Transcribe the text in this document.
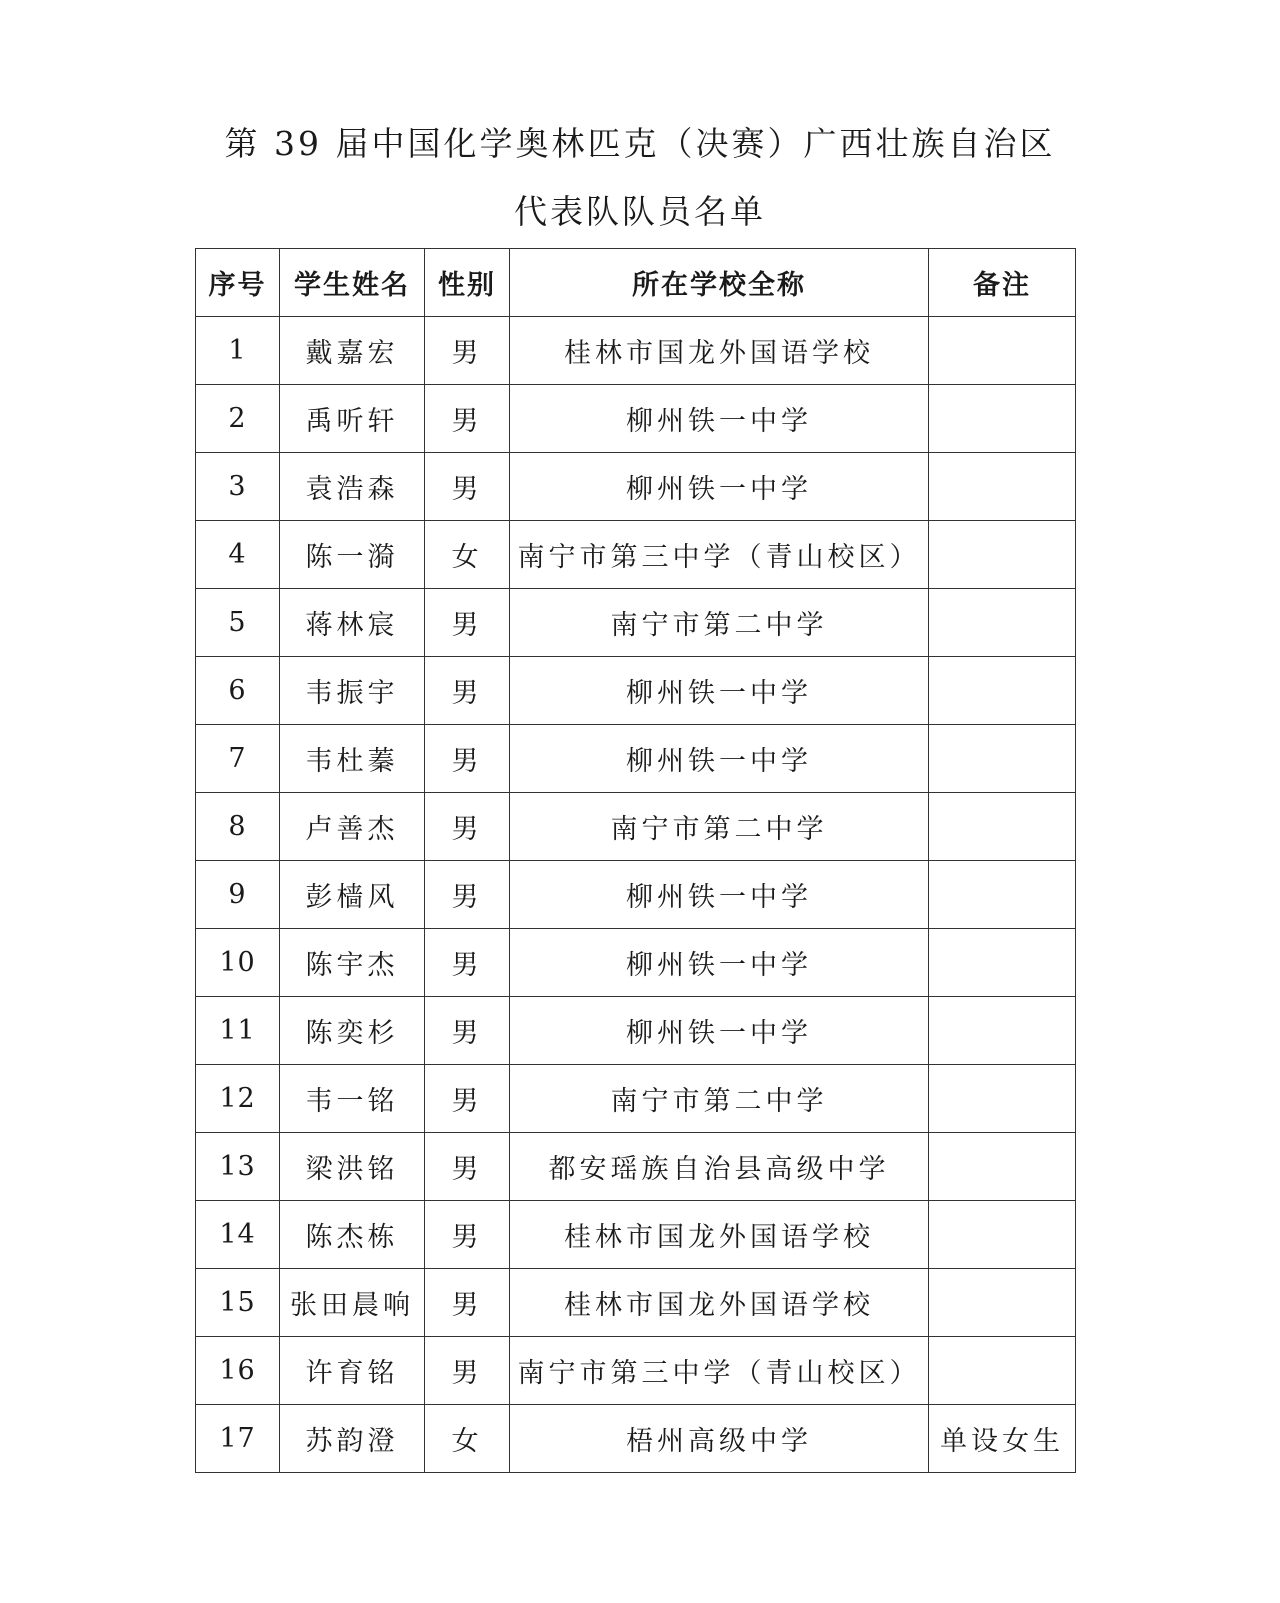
第 39 届中国化学奥林匹克（决赛）广西壮族自治区
代表队队员名单
序号	学生姓名	性别	所在学校全称	备注
1	戴嘉宏	男	桂林市国龙外国语学校	
2	禹听轩	男	柳州铁一中学	
3	袁浩森	男	柳州铁一中学	
4	陈一漪	女	南宁市第三中学（青山校区）	
5	蒋林宸	男	南宁市第二中学	
6	韦振宇	男	柳州铁一中学	
7	韦杜蓁	男	柳州铁一中学	
8	卢善杰	男	南宁市第二中学	
9	彭樯风	男	柳州铁一中学	
10	陈宇杰	男	柳州铁一中学	
11	陈奕杉	男	柳州铁一中学	
12	韦一铭	男	南宁市第二中学	
13	梁洪铭	男	都安瑶族自治县高级中学	
14	陈杰栋	男	桂林市国龙外国语学校	
15	张田晨响	男	桂林市国龙外国语学校	
16	许育铭	男	南宁市第三中学（青山校区）	
17	苏韵澄	女	梧州高级中学	单设女生
